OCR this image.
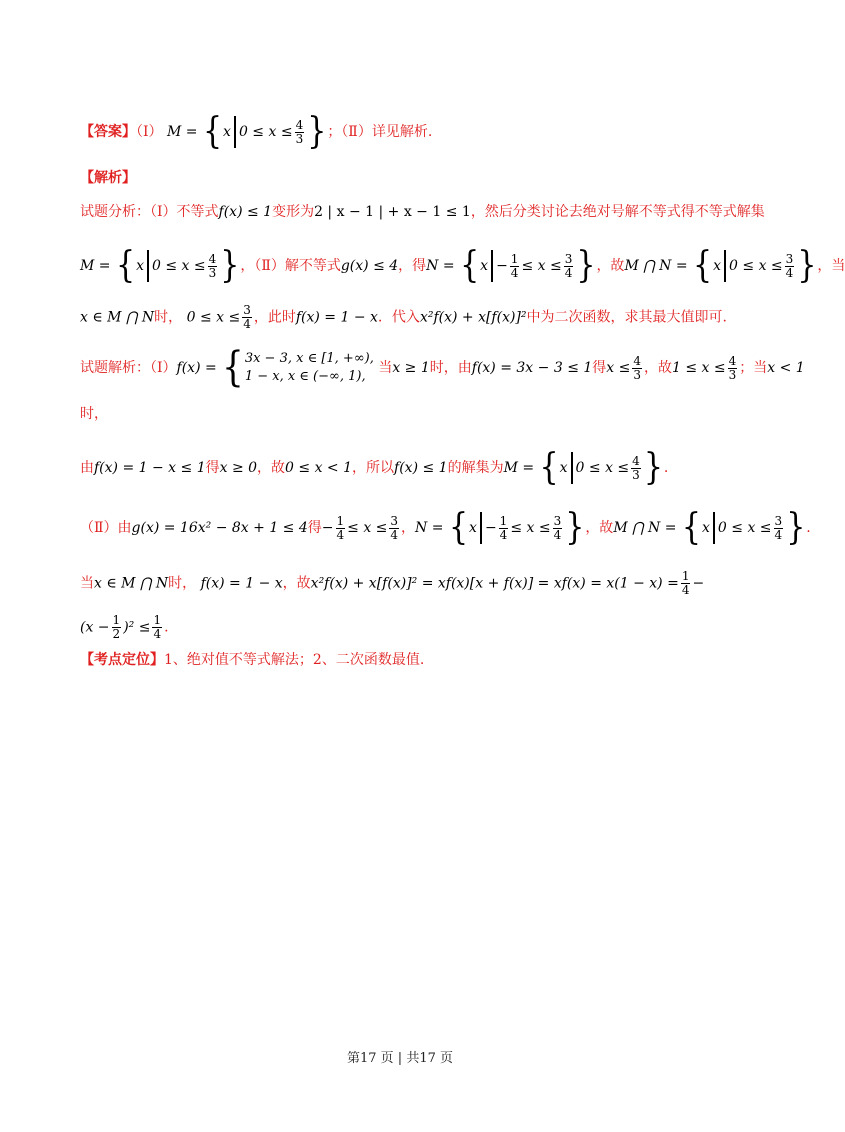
【答案】（Ⅰ） M = {x $0 \le x \le \frac{4}{3}$ }；（Ⅱ）详见解析.
【解析】
试题分析：（Ⅰ）不等式f(x) ≤ 1变形为2 | x − 1 | + x − 1 ≤ 1，然后分类讨论去绝对号解不等式得不等式解集
M = {x $0 \le x \le \frac{4}{3}$ }，（Ⅱ）解不等式g(x) ≤ 4，得$N = \{x - \frac{1}{4} \le x \le \frac{3}{4}$ }，故M ⋂ N = {x $0 \le x \le \frac{3}{4}$ }，当
x ∈ M ⋂ N时， $0 \le x \le \frac{3}{4}$ ，此时f(x) = 1 − x．代入x²f(x) + x[f(x)]²中为二次函数，求其最大值即可.
试题解析：（Ⅰ）f(x) = {3x − 3, x ∈ [1, +∞),
1 − x, x ∈ (−∞, 1), 当x ≥ 1时，由f(x) = 3x − 3 ≤ 1得$x \le \frac{4}{3}$ ，故$1 \le x \le \frac{4}{3}$ ；当x < 1
时，
由f(x) = 1 − x ≤ 1得x ≥ 0，故0 ≤ x < 1，所以f(x) ≤ 1的解集为M = {x $0 \le x \le \frac{4}{3}$ }.
（Ⅱ）由g(x) = 16x² − 8x + 1 ≤ 4得− $\frac{1}{4} \le x \le \frac{3}{4}$ ，$N = \{x - \frac{1}{4} \le x \le \frac{3}{4}$ }，故M ⋂ N = {x $0 \le x \le \frac{3}{4}$ }.
当x ∈ M ⋂ N时， f(x) = 1 − x，故$x^2f(x) + x[f(x)]^2 = xf(x)[x + f(x)] = xf(x) = x(1 - x) = \frac{1}{4}$ −
$(x - \frac{1}{2} )^2 \le \frac{1}{4}$ .
【考点定位】1、绝对值不等式解法；2、二次函数最值.
第17 页 | 共17 页
